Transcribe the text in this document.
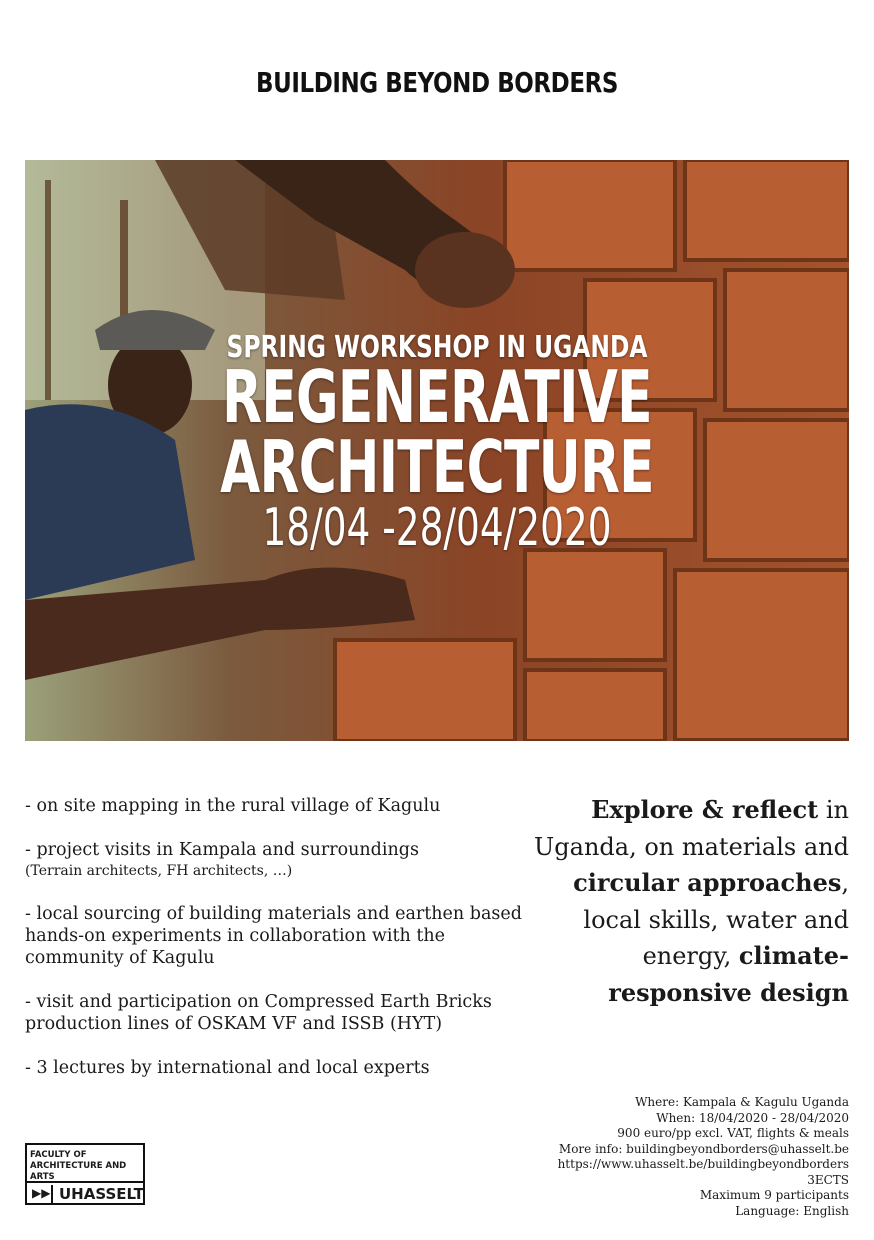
BUILDING BEYOND BORDERS
SPRING WORKSHOP IN UGANDA
REGENERATIVE
ARCHITECTURE
18/04 -28/04/2020
- on site mapping in the rural village of Kagulu
- project visits in Kampala and surroundings
(Terrain architects, FH architects, …)
- local sourcing of building materials and earthen based hands-on experiments in collaboration with the community of Kagulu
- visit and participation on Compressed Earth Bricks production lines of OSKAM VF and ISSB (HYT)
- 3 lectures by international and local experts
Explore & reflect in Uganda, on materials and circular approaches, local skills, water and energy, climate-responsive design
Where: Kampala & Kagulu Uganda
When: 18/04/2020 - 28/04/2020
900 euro/pp excl. VAT, flights & meals
More info: buildingbeyondborders@uhasselt.be
https://www.uhasselt.be/buildingbeyondborders
3ECTS
Maximum 9 participants
Language: English
FACULTY OF
ARCHITECTURE AND ARTS
▶▶ UHASSELT
